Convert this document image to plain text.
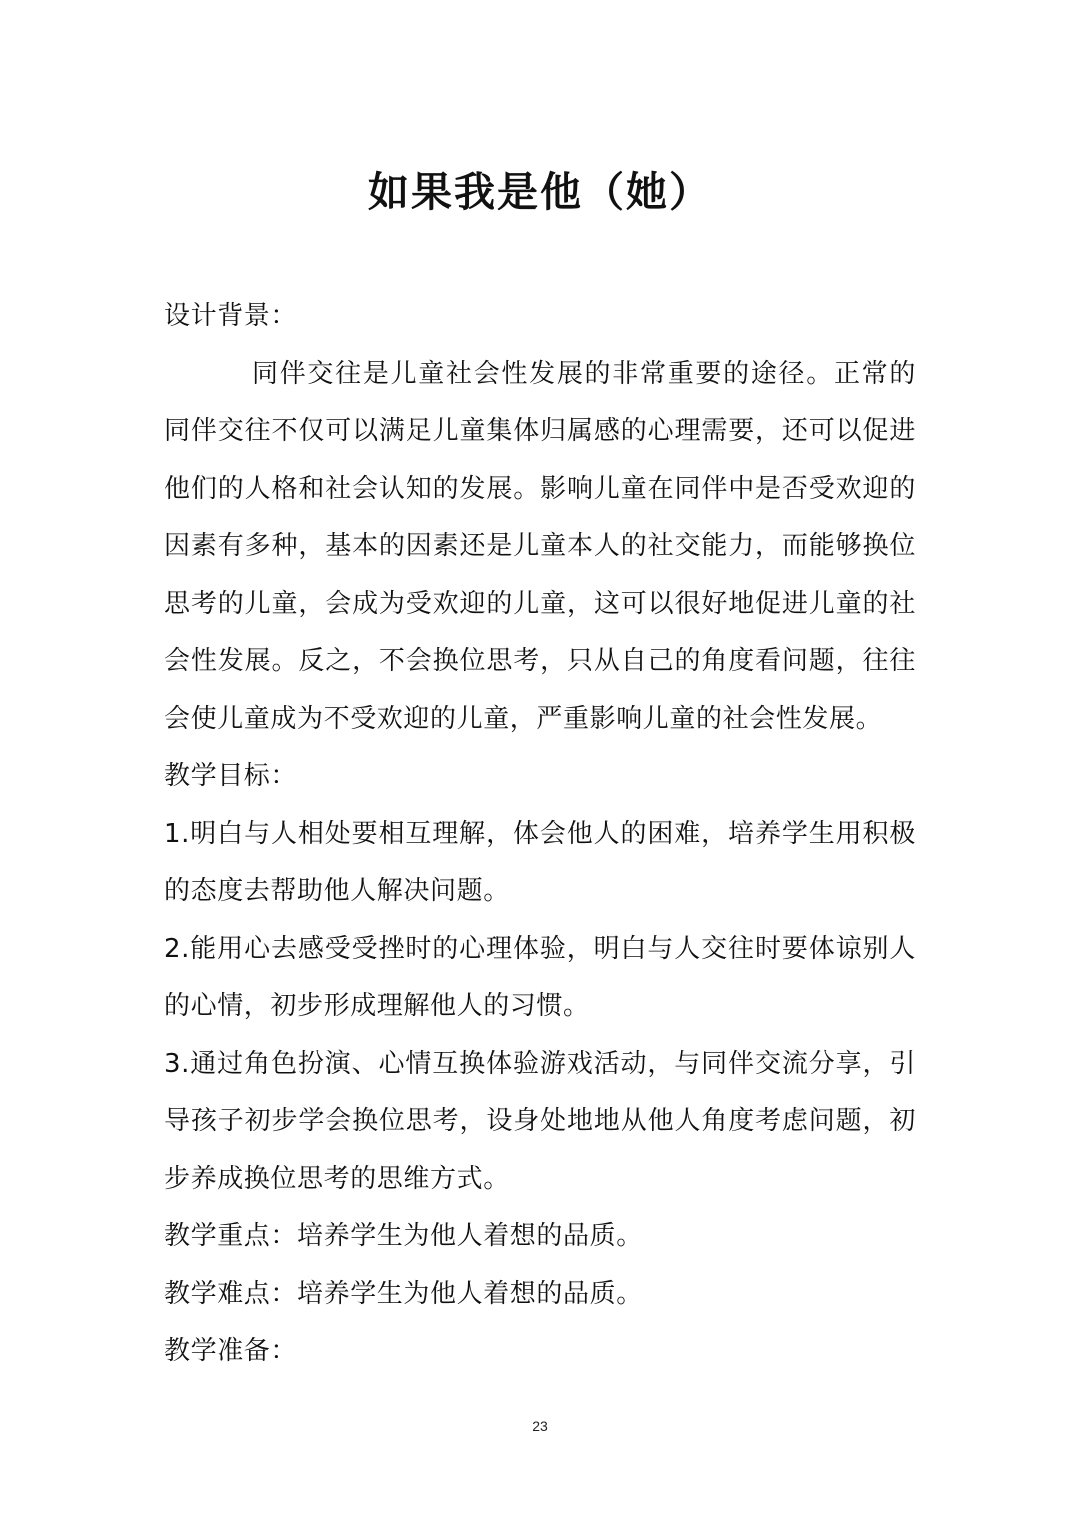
如果我是他（她）

设计背景：

同伴交往是儿童社会性发展的非常重要的途径。正常的同伴交往不仅可以满足儿童集体归属感的心理需要，还可以促进他们的人格和社会认知的发展。影响儿童在同伴中是否受欢迎的因素有多种，基本的因素还是儿童本人的社交能力，而能够换位思考的儿童，会成为受欢迎的儿童，这可以很好地促进儿童的社会性发展。反之，不会换位思考，只从自己的角度看问题，往往会使儿童成为不受欢迎的儿童，严重影响儿童的社会性发展。

教学目标：

1.明白与人相处要相互理解，体会他人的困难，培养学生用积极的态度去帮助他人解决问题。

2.能用心去感受受挫时的心理体验，明白与人交往时要体谅别人的心情，初步形成理解他人的习惯。

3.通过角色扮演、心情互换体验游戏活动，与同伴交流分享，引导孩子初步学会换位思考，设身处地地从他人角度考虑问题，初步养成换位思考的思维方式。

教学重点：培养学生为他人着想的品质。

教学难点：培养学生为他人着想的品质。

教学准备：

23
